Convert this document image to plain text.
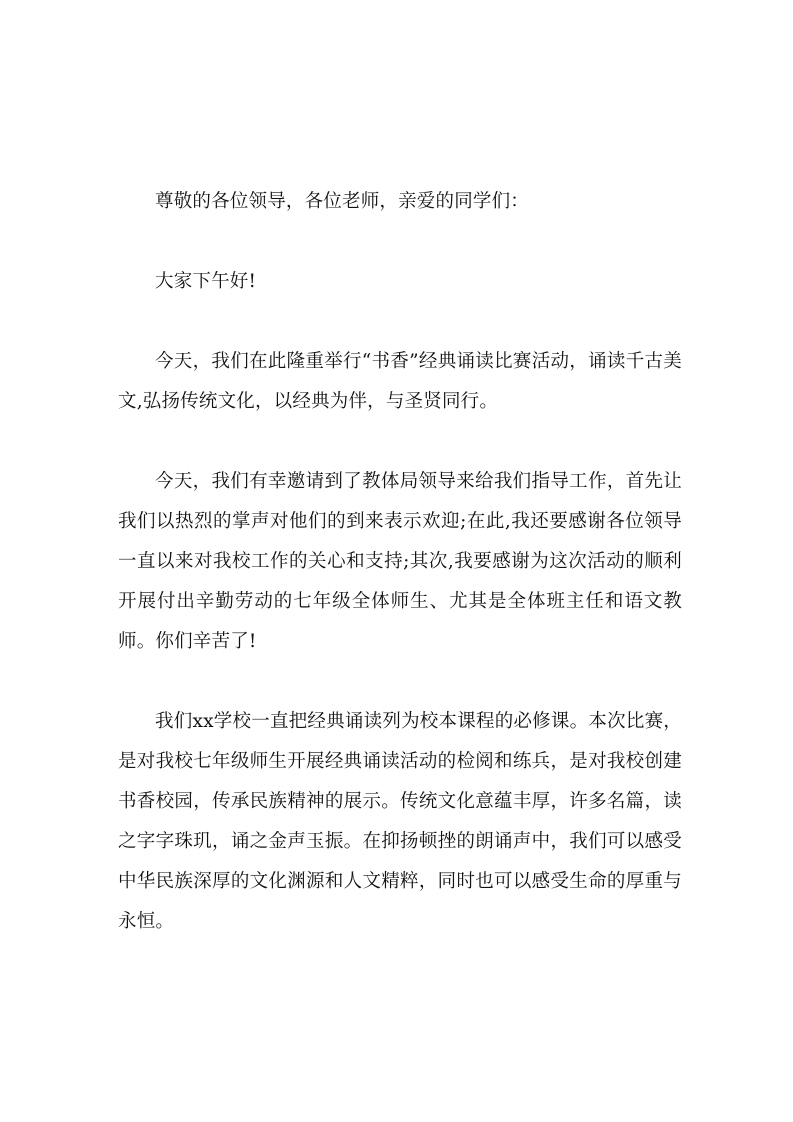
尊敬的各位领导，各位老师，亲爱的同学们：

大家下午好!

今天，我们在此隆重举行“书香”经典诵读比赛活动，诵读千古美文,弘扬传统文化，以经典为伴，与圣贤同行。

今天，我们有幸邀请到了教体局领导来给我们指导工作，首先让我们以热烈的掌声对他们的到来表示欢迎;在此,我还要感谢各位领导一直以来对我校工作的关心和支持;其次,我要感谢为这次活动的顺利开展付出辛勤劳动的七年级全体师生、尤其是全体班主任和语文教师。你们辛苦了!

我们xx学校一直把经典诵读列为校本课程的必修课。本次比赛，是对我校七年级师生开展经典诵读活动的检阅和练兵，是对我校创建书香校园，传承民族精神的展示。传统文化意蕴丰厚，许多名篇，读之字字珠玑，诵之金声玉振。在抑扬顿挫的朗诵声中，我们可以感受中华民族深厚的文化渊源和人文精粹，同时也可以感受生命的厚重与永恒。
